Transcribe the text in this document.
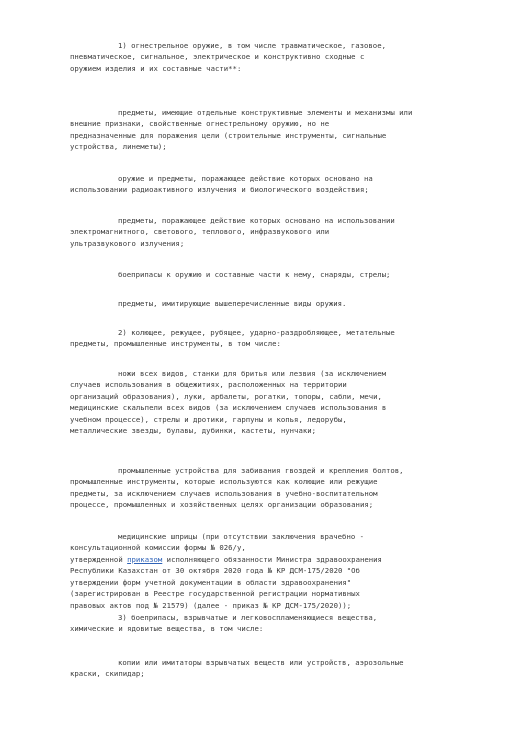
1) огнестрельное оружие, в том числе травматическое, газовое,
пневматическое, сигнальное, электрическое и конструктивно сходные с
оружием изделия и их составные части**:

предметы, имеющие отдельные конструктивные элементы и механизмы или
внешние признаки, свойственные огнестрельному оружию, но не
предназначенные для поражения цели (строительные инструменты, сигнальные
устройства, линеметы);

оружие и предметы, поражающее действие которых основано на
использовании радиоактивного излучения и биологического воздействия;

предметы, поражающее действие которых основано на использовании
электромагнитного, светового, теплового, инфразвукового или
ультразвукового излучения;

боеприпасы к оружию и составные части к нему, снаряды, стрелы;

предметы, имитирующие вышеперечисленные виды оружия.

2) колющее, режущее, рубящее, ударно-раздробляющее, метательные
предметы, промышленные инструменты, в том числе:

ножи всех видов, станки для бритья или лезвия (за исключением
случаев использования в общежитиях, расположенных на территории
организаций образования), луки, арбалеты, рогатки, топоры, сабли, мечи,
медицинские скальпели всех видов (за исключением случаев использования в
учебном процессе), стрелы и дротики, гарпуны и копья, ледорубы,
металлические звезды, булавы, дубинки, кастеты, нунчаки;

промышленные устройства для забивания гвоздей и крепления болтов,
промышленные инструменты, которые используются как колющие или режущие
предметы, за исключением случаев использования в учебно-воспитательном
процессе, промышленных и хозяйственных целях организации образования;

медицинские шприцы (при отсутствии заключения врачебно -
консультационной комиссии формы № 026/у,

утвержденной приказом исполняющего обязанности Министра здравоохранения
Республики Казахстан от 30 октября 2020 года № КР ДСМ-175/2020 "Об
утверждении форм учетной документации в области здравоохранения"
(зарегистрирован в Реестре государственной регистрации нормативных
правовых актов под № 21579) (далее - приказ № КР ДСМ-175/2020));

3) боеприпасы, взрывчатые и легковоспламеняющиеся вещества,
химические и ядовитые вещества, в том числе:

копии или имитаторы взрывчатых веществ или устройств, аэрозольные
краски, скипидар;
